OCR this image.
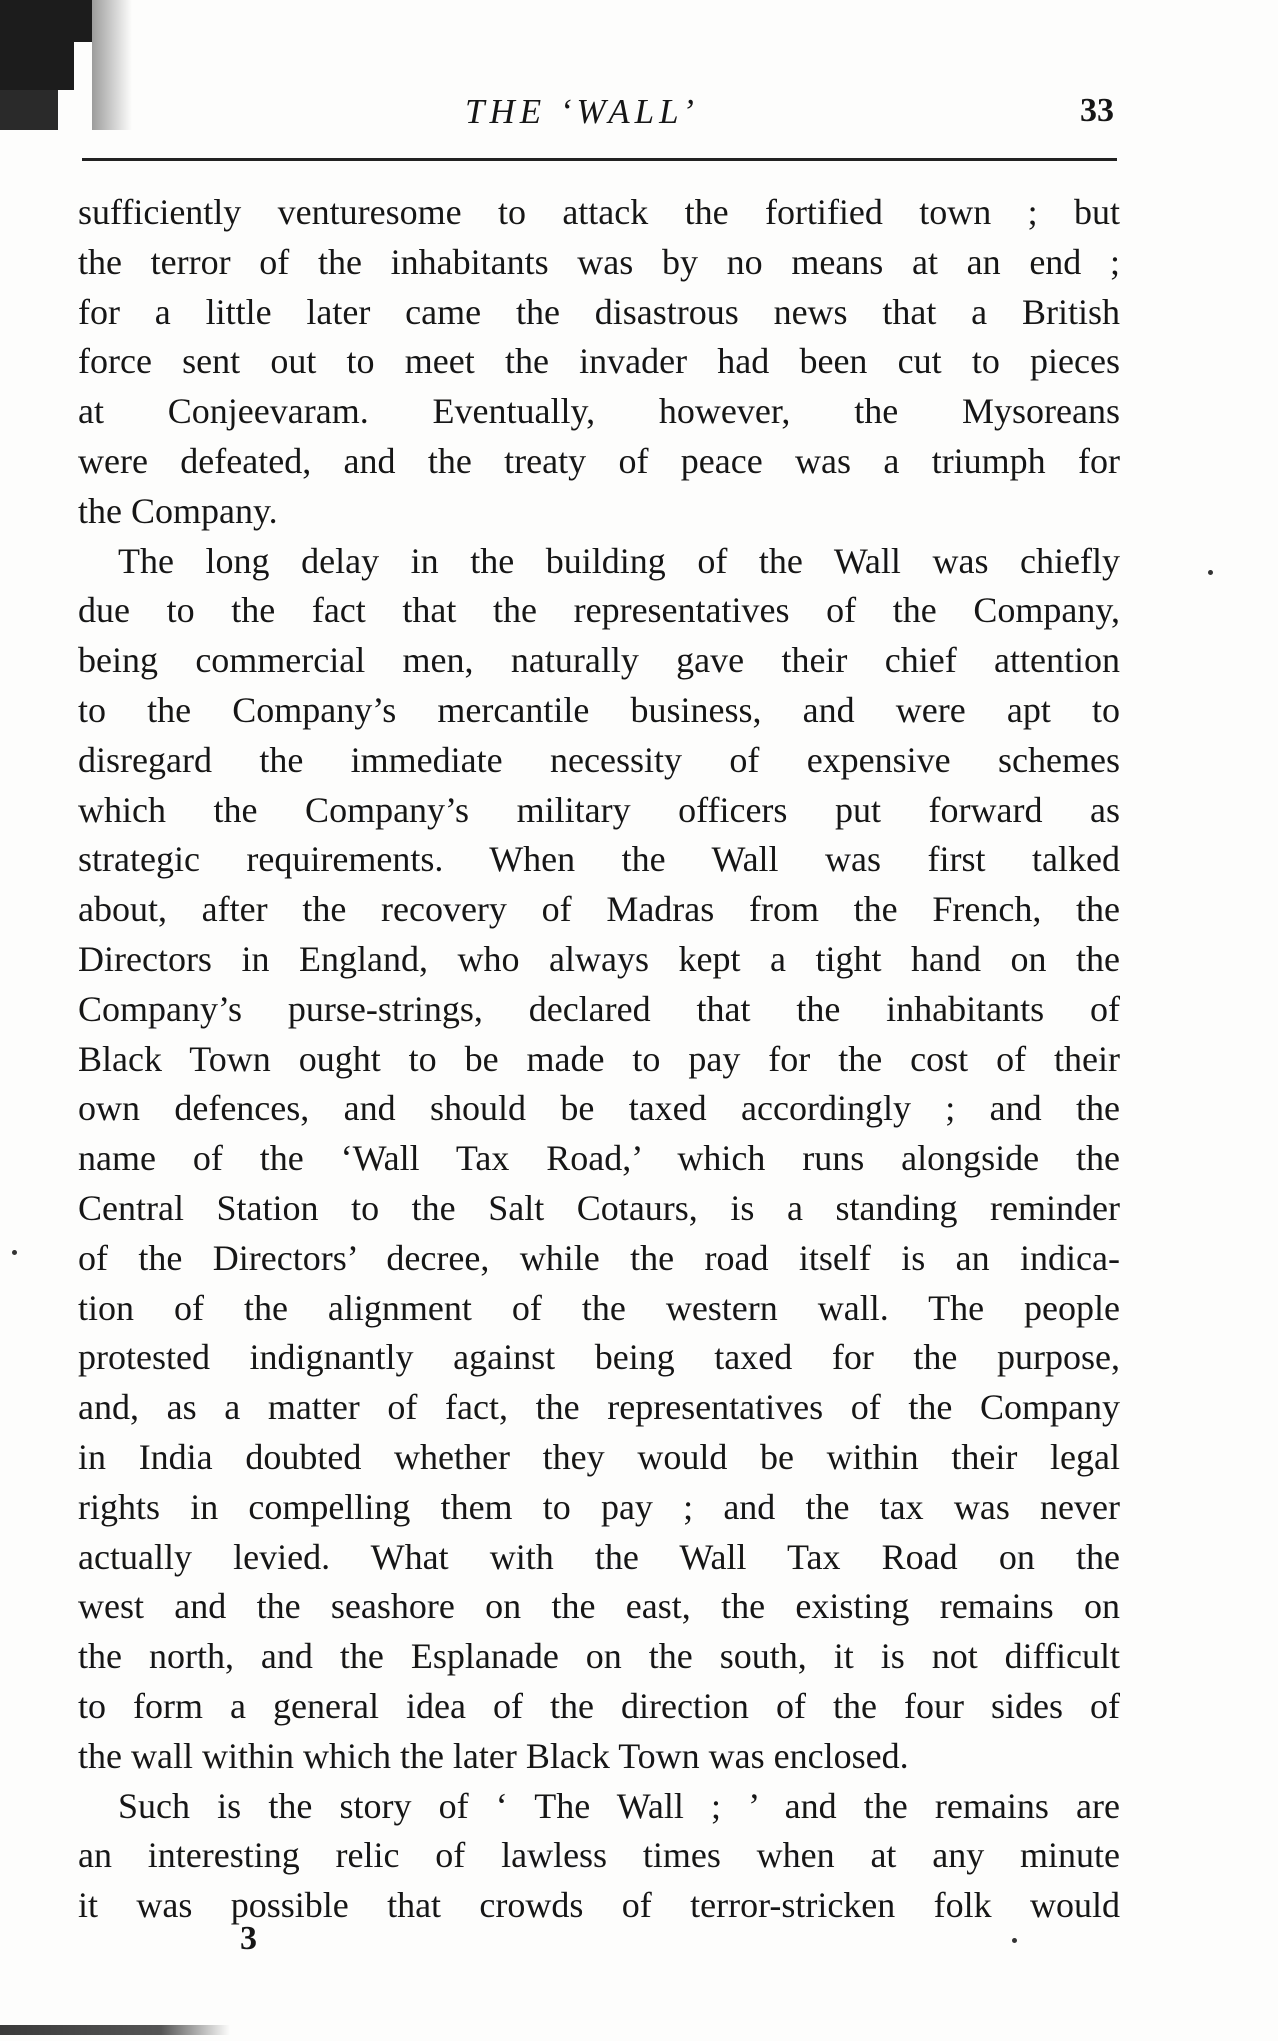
THE ‘WALL’	33
sufficiently venturesome to attack the fortified town ; but
the terror of the inhabitants was by no means at an end ;
for a little later came the disastrous news that a British
force sent out to meet the invader had been cut to pieces
at Conjeevaram. Eventually, however, the Mysoreans
were defeated, and the treaty of peace was a triumph for
the Company.
The long delay in the building of the Wall was chiefly
due to the fact that the representatives of the Company,
being commercial men, naturally gave their chief attention
to the Company’s mercantile business, and were apt to
disregard the immediate necessity of expensive schemes
which the Company’s military officers put forward as
strategic requirements. When the Wall was first talked
about, after the recovery of Madras from the French, the
Directors in England, who always kept a tight hand on the
Company’s purse-strings, declared that the inhabitants of
Black Town ought to be made to pay for the cost of their
own defences, and should be taxed accordingly ; and the
name of the ‘Wall Tax Road,’ which runs alongside the
Central Station to the Salt Cotaurs, is a standing reminder
of the Directors’ decree, while the road itself is an indica-
tion of the alignment of the western wall. The people
protested indignantly against being taxed for the purpose,
and, as a matter of fact, the representatives of the Company
in India doubted whether they would be within their legal
rights in compelling them to pay ; and the tax was never
actually levied. What with the Wall Tax Road on the
west and the seashore on the east, the existing remains on
the north, and the Esplanade on the south, it is not difficult
to form a general idea of the direction of the four sides of
the wall within which the later Black Town was enclosed.
Such is the story of ‘ The Wall ; ’ and the remains are
an interesting relic of lawless times when at any minute
it was possible that crowds of terror-stricken folk would
3
